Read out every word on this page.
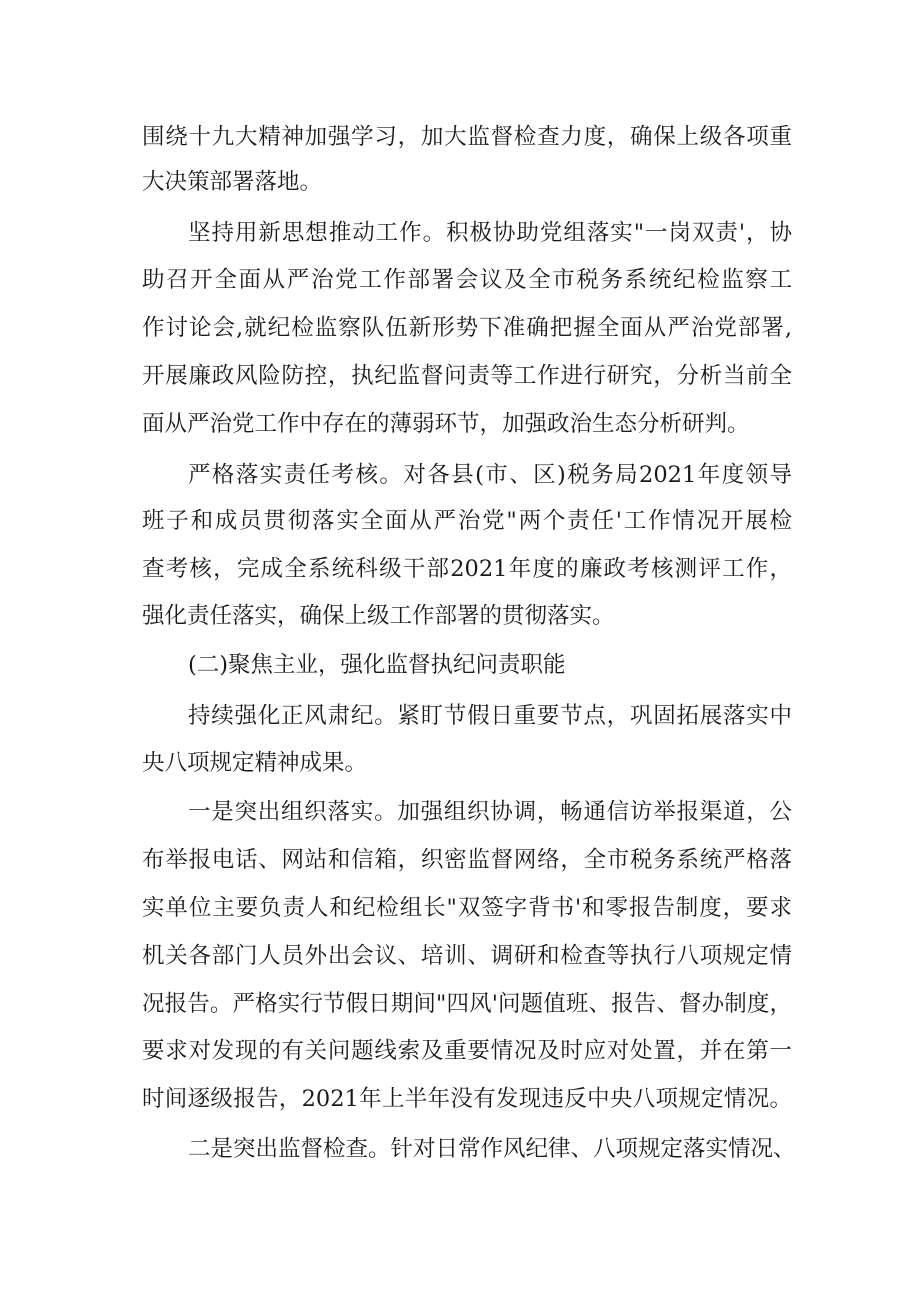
围绕十九大精神加强学习，加大监督检查力度，确保上级各项重
大决策部署落地。
坚持用新思想推动工作。积极协助党组落实"一岗双责'，协
助召开全面从严治党工作部署会议及全市税务系统纪检监察工
作讨论会,就纪检监察队伍新形势下准确把握全面从严治党部署,
开展廉政风险防控，执纪监督问责等工作进行研究，分析当前全
面从严治党工作中存在的薄弱环节，加强政治生态分析研判。
严格落实责任考核。对各县(市、区)税务局2021年度领导
班子和成员贯彻落实全面从严治党"两个责任'工作情况开展检
查考核，完成全系统科级干部2021年度的廉政考核测评工作，
强化责任落实，确保上级工作部署的贯彻落实。
(二)聚焦主业，强化监督执纪问责职能
持续强化正风肃纪。紧盯节假日重要节点，巩固拓展落实中
央八项规定精神成果。
一是突出组织落实。加强组织协调，畅通信访举报渠道，公
布举报电话、网站和信箱，织密监督网络，全市税务系统严格落
实单位主要负责人和纪检组长"双签字背书'和零报告制度，要求
机关各部门人员外出会议、培训、调研和检查等执行八项规定情
况报告。严格实行节假日期间"四风'问题值班、报告、督办制度，
要求对发现的有关问题线索及重要情况及时应对处置，并在第一
时间逐级报告，2021年上半年没有发现违反中央八项规定情况。
二是突出监督检查。针对日常作风纪律、八项规定落实情况、
